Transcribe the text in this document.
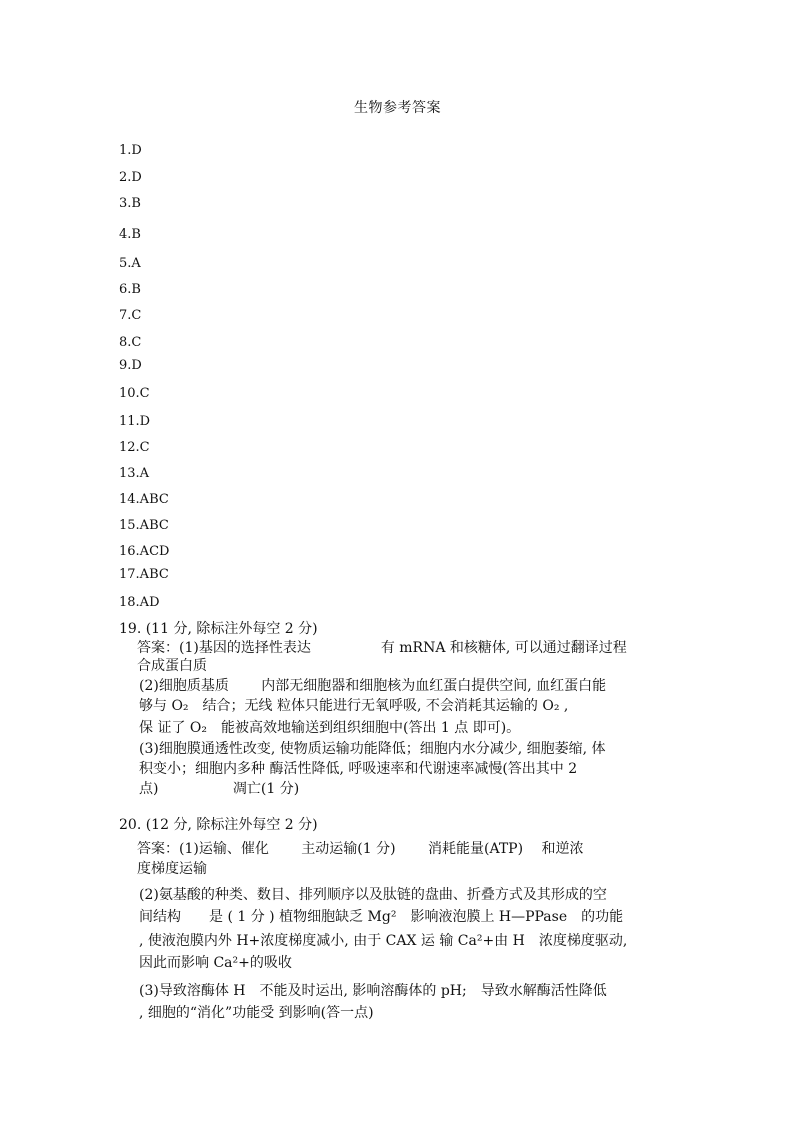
生物参考答案
1.D
2.D
3.B
4.B
5.A
6.B
7.C
8.C
9.D
10.C
11.D
12.C
13.A
14.ABC
15.ABC
16.ACD
17.ABC
18.AD
19. (11 分, 除标注外每空 2 分)
答案：(1)基因的选择性表达　　　　　有 mRNA 和核糖体, 可以通过翻译过程
合成蛋白质
(2)细胞质基质　　 内部无细胞器和细胞核为血红蛋白提供空间, 血红蛋白能
够与 O₂　结合；无线 粒体只能进行无氧呼吸, 不会消耗其运输的 O₂ ,
保 证了 O₂　能被高效地输送到组织细胞中(答出 1 点 即可)。
(3)细胞膜通透性改变, 使物质运输功能降低；细胞内水分减少, 细胞萎缩, 体
积变小；细胞内多种 酶活性降低, 呼吸速率和代谢速率减慢(答出其中 2
点)　　　　　 凋亡(1 分)
20. (12 分, 除标注外每空 2 分)
答案：(1)运输、催化　　 主动运输(1 分)　　 消耗能量(ATP)　 和逆浓
度梯度运输
(2)氨基酸的种类、数目、排列顺序以及肽链的盘曲、折叠方式及其形成的空
间结构　　是 ( 1 分 ) 植物细胞缺乏 Mg²　影响液泡膜上 H—PPase　的功能
, 使液泡膜内外 H+浓度梯度减小, 由于 CAX 运 输 Ca²+由 H　浓度梯度驱动,
因此而影响 Ca²+的吸收
(3)导致溶酶体 H　不能及时运出, 影响溶酶体的 pH;　导致水解酶活性降低
, 细胞的“消化”功能受 到影响(答一点)
